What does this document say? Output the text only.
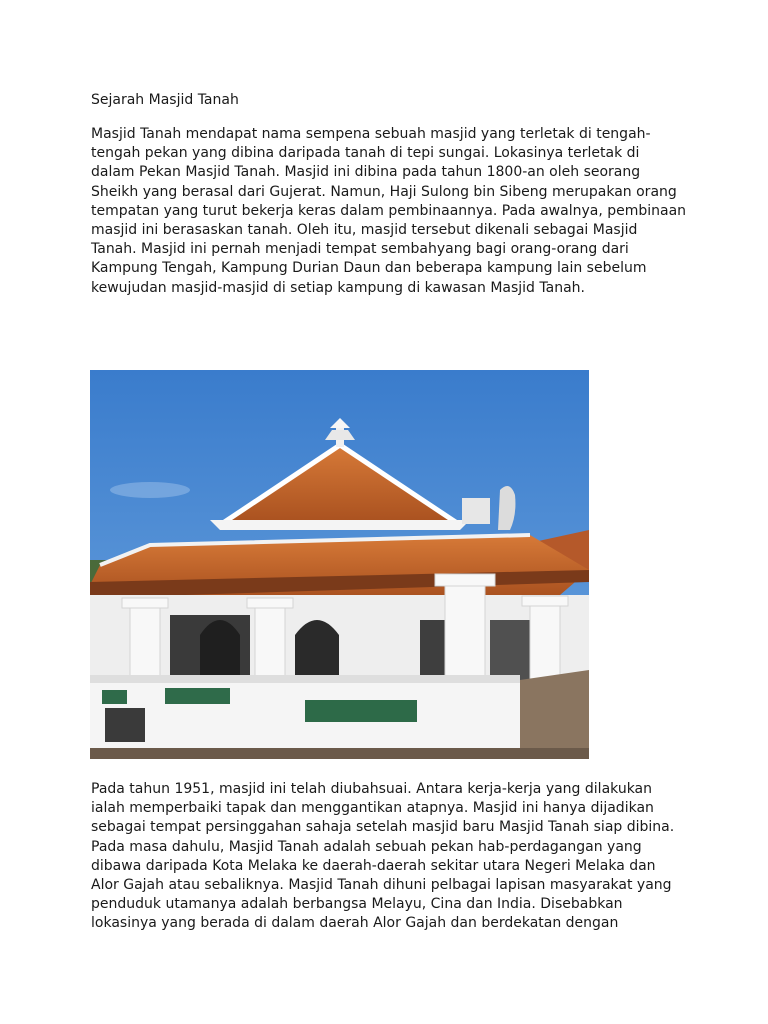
Sejarah Masjid Tanah

Masjid Tanah mendapat nama sempena sebuah masjid yang terletak di tengah-
tengah pekan yang dibina daripada tanah di tepi sungai. Lokasinya terletak di
dalam Pekan Masjid Tanah. Masjid ini dibina pada tahun 1800-an oleh seorang
Sheikh yang berasal dari Gujerat. Namun, Haji Sulong bin Sibeng merupakan orang
tempatan yang turut bekerja keras dalam pembinaannya. Pada awalnya, pembinaan
masjid ini berasaskan tanah. Oleh itu, masjid tersebut dikenali sebagai Masjid
Tanah. Masjid ini pernah menjadi tempat sembahyang bagi orang-orang dari
Kampung Tengah, Kampung Durian Daun dan beberapa kampung lain sebelum
kewujudan masjid-masjid di setiap kampung di kawasan Masjid Tanah.

Pada tahun 1951, masjid ini telah diubahsuai. Antara kerja-kerja yang dilakukan
ialah memperbaiki tapak dan menggantikan atapnya. Masjid ini hanya dijadikan
sebagai tempat persinggahan sahaja setelah masjid baru Masjid Tanah siap dibina.
Pada masa dahulu, Masjid Tanah adalah sebuah pekan hab-perdagangan yang
dibawa daripada Kota Melaka ke daerah-daerah sekitar utara Negeri Melaka dan
Alor Gajah atau sebaliknya. Masjid Tanah dihuni pelbagai lapisan masyarakat yang
penduduk utamanya adalah berbangsa Melayu, Cina dan India. Disebabkan
lokasinya yang berada di dalam daerah Alor Gajah dan berdekatan dengan
